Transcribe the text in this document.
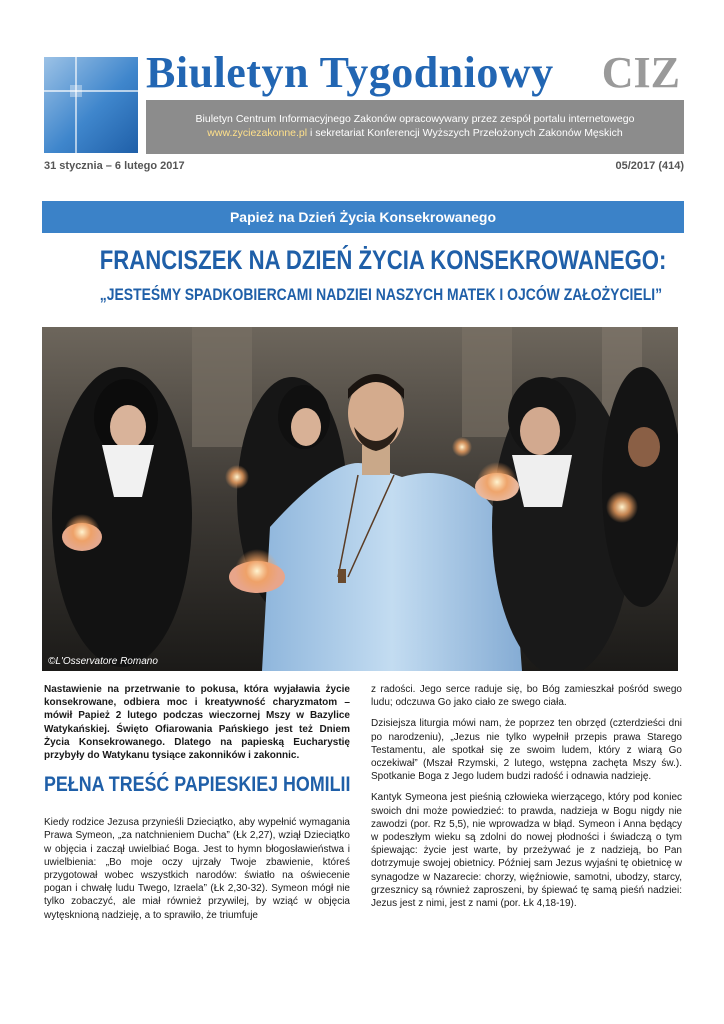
Biuletyn Tygodniowy CIZ
Biuletyn Centrum Informacyjnego Zakonów opracowywany przez zespół portalu internetowego
www.zyciezakonne.pl i sekretariat Konferencji Wyższych Przełożonych Zakonów Męskich
31 stycznia – 6 lutego 2017	05/2017 (414)
Papież na Dzień Życia Konsekrowanego
FRANCISZEK NA DZIEŃ ŻYCIA KONSEKROWANEGO:
„JESTEŚMY SPADKOBIERCAMI NADZIEI NASZYCH MATEK I OJCÓW ZAŁOŻYCIELI”
©L'Osservatore Romano

Nastawienie na przetrwanie to pokusa, która wyjaławia życie konsekrowane, odbiera moc i kreatywność charyzmatom – mówił Papież 2 lutego podczas wieczornej Mszy w Bazylice Watykańskiej. Święto Ofiarowania Pańskiego jest też Dniem Życia Konsekrowanego. Dlatego na papieską Eucharystię przybyły do Watykanu tysiące zakonników i zakonnic.

PEŁNA TREŚĆ PAPIESKIEJ HOMILII

Kiedy rodzice Jezusa przynieśli Dzieciątko, aby wypełnić wymagania Prawa Symeon, „za natchnieniem Ducha” (Łk 2,27), wziął Dzieciątko w objęcia i zaczął uwielbiać Boga. Jest to hymn błogosławieństwa i uwielbienia: „Bo moje oczy ujrzały Twoje zbawienie, któreś przygotował wobec wszystkich narodów: światło na oświecenie pogan i chwałę ludu Twego, Izraela” (Łk 2,30-32). Symeon mógł nie tylko zobaczyć, ale miał również przywilej, by wziąć w objęcia wytęsknioną nadzieję, a to sprawiło, że triumfuje

z radości. Jego serce raduje się, bo Bóg zamieszkał pośród swego ludu; odczuwa Go jako ciało ze swego ciała.

Dzisiejsza liturgia mówi nam, że poprzez ten obrzęd (czterdzieści dni po narodzeniu), „Jezus nie tylko wypełnił przepis prawa Starego Testamentu, ale spotkał się ze swoim ludem, który z wiarą Go oczekiwał” (Mszał Rzymski, 2 lutego, wstępna zachęta Mszy św.). Spotkanie Boga z Jego ludem budzi radość i odnawia nadzieję.

Kantyk Symeona jest pieśnią człowieka wierzącego, który pod koniec swoich dni może powiedzieć: to prawda, nadzieja w Bogu nigdy nie zawodzi (por. Rz 5,5), nie wprowadza w błąd. Symeon i Anna będący w podeszłym wieku są zdolni do nowej płodności i świadczą o tym śpiewając: życie jest warte, by przeżywać je z nadzieją, bo Pan dotrzymuje swojej obietnicy. Później sam Jezus wyjaśni tę obietnicę w synagodze w Nazarecie: chorzy, więźniowie, samotni, ubodzy, starcy, grzesznicy są również zaproszeni, by śpiewać tę samą pieśń nadziei: Jezus jest z nimi, jest z nami (por. Łk 4,18-19).
